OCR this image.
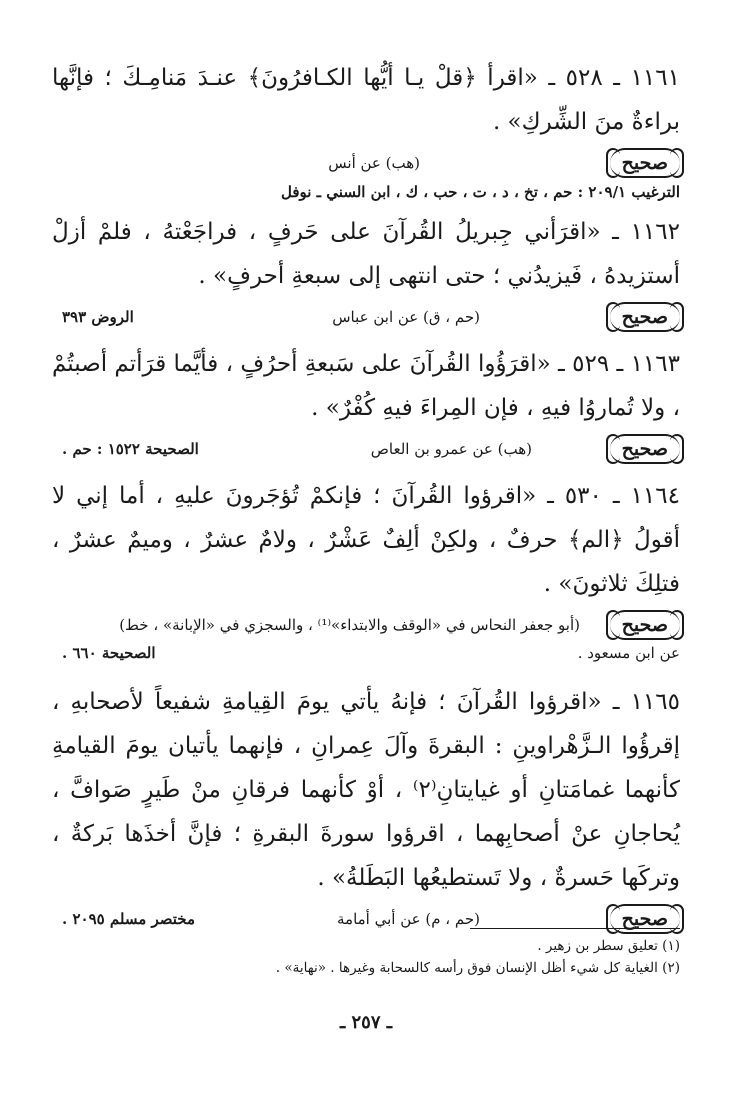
١١٦١ ـ ٥٢٨ ـ «اقرأ ﴿قلْ يـا أيُّها الكـافرُونَ﴾ عنـدَ مَنامِـكَ ؛ فإنَّها براءةٌ منَ الشِّركِ» .

صحيح
(هب) عن أنس

الترغيب ٢٠٩/١ : حم ، تخ ، د ، ت ، حب ، ك ، ابن السني ـ نوفل

١١٦٢ ـ «اقرَأني جِبريلُ القُرآنَ على حَرفٍ ، فراجَعْتهُ ، فلمْ أزلْ أستزيدهُ ، فَيزيدُني ؛ حتى انتهى إلى سبعةِ أحرفٍ» .

صحيح
(حم ، ق) عن ابن عباس
الروض ٣٩٣

١١٦٣ ـ ٥٢٩ ـ «اقرَؤُوا القُرآنَ على سَبعةِ أحرُفٍ ، فأيَّما قرَأتم أصبتُمْ ، ولا تُماروُا فيهِ ، فإن المِراءَ فيهِ كُفْرٌ» .

صحيح
(هب) عن عمرو بن العاص
الصحيحة ١٥٢٢ : حم .

١١٦٤ ـ ٥٣٠ ـ «اقرؤوا القُرآنَ ؛ فإنكمْ تُؤجَرونَ عليهِ ، أما إني لا أقولُ ﴿الم﴾ حرفٌ ، ولكِنْ ألِفٌ عَشْرٌ ، ولامٌ عشرٌ ، وميمٌ عشرٌ ، فتلِكَ ثلاثونَ» .

صحيح
(أبو جعفر النحاس في «الوقف والابتداء»⁽¹⁾ ، والسجزي في «الإبانة» ، خط)
عن ابن مسعود .
الصحيحة ٦٦٠ .

١١٦٥ ـ «اقرؤوا القُرآنَ ؛ فإنهُ يأتي يومَ القِيامةِ شفيعاً لأصحابهِ ، إقرؤُوا الـزَّهْراوينِ : البقرةَ وآلَ عِمرانِ ، فإنهما يأتيان يومَ القيامةِ كأنهما غمامَتانِ أو غيايتانِ⁽٢⁾ ، أوْ كأنهما فرقانِ منْ طَيرٍ صَوافَّ ، يُحاجانِ عنْ أصحابِهما ، اقرؤوا سورةَ البقرةِ ؛ فإنَّ أخذَها بَركةٌ ، وتركَها حَسرةٌ ، ولا تَستطيعُها البَطَلةُ» .

صحيح
(حم ، م) عن أبي أمامة
مختصر مسلم ٢٠٩٥ .

(١) تعليق سطر بن زهير .

(٢) الغياية كل شيء أظل الإنسان فوق رأسه كالسحابة وغيرها . «نهاية» .

ـ ٢٥٧ ـ
